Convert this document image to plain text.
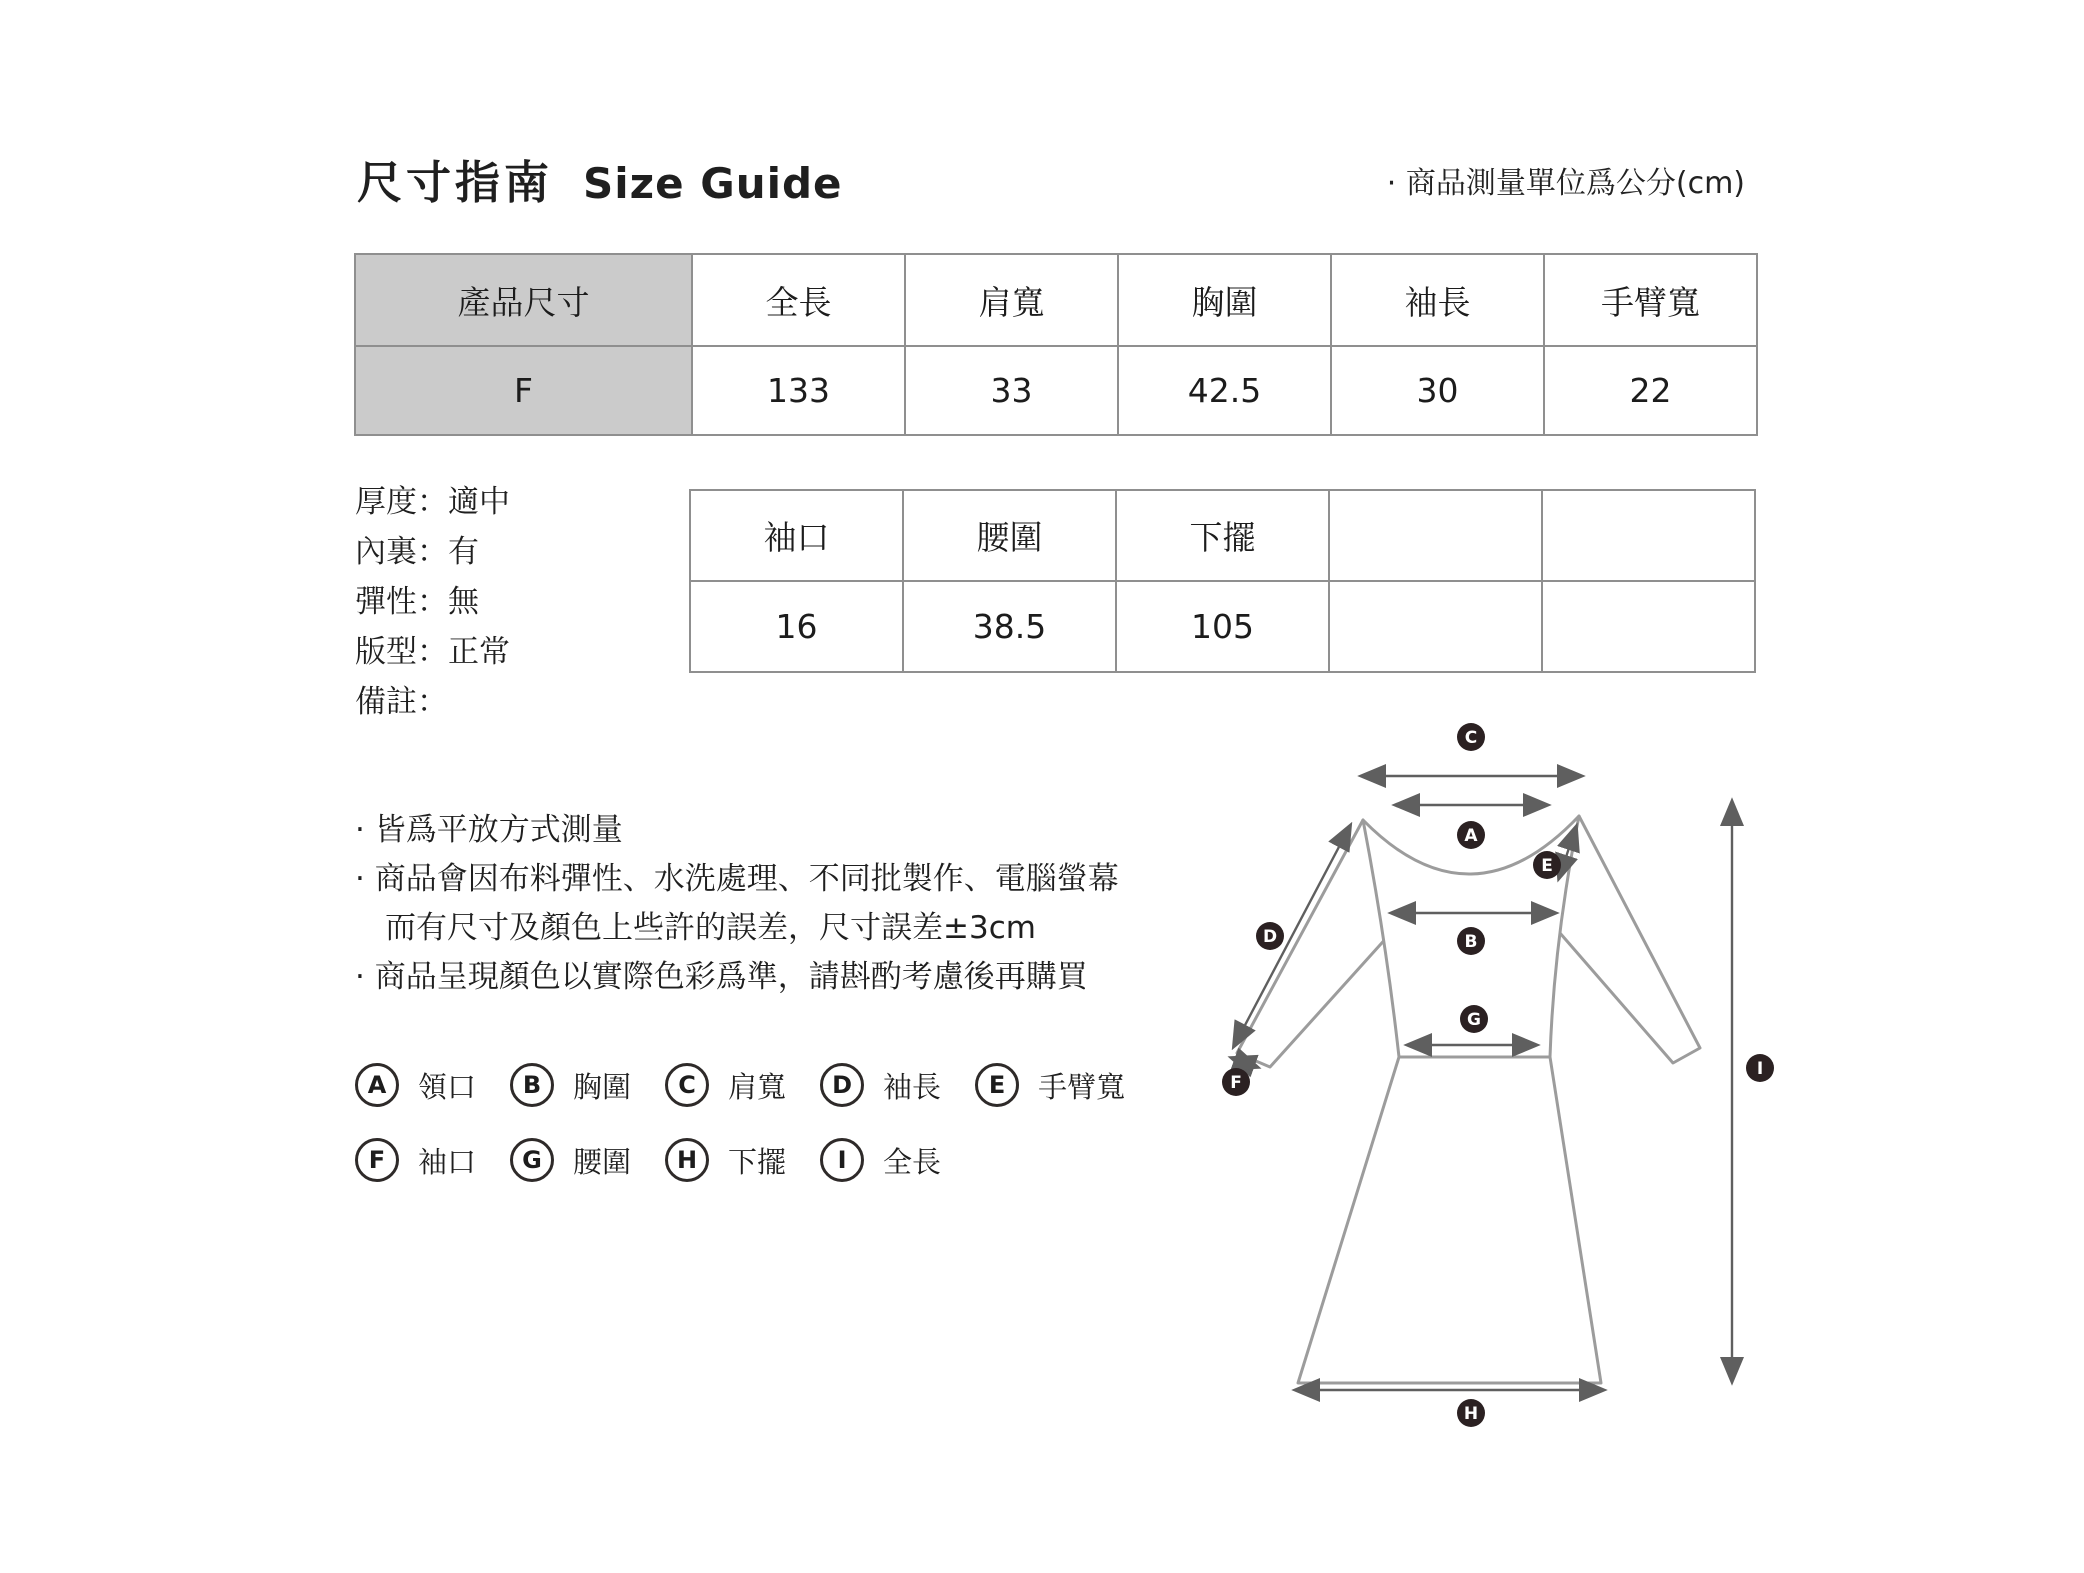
尺寸指南 Size Guide	· 商品測量單位爲公分(cm)
產品尺寸	全長	肩寬	胸圍	袖長	手臂寬
F	133	33	42.5	30	22
厚度：適中
內裏：有
彈性：無
版型：正常
備註：
袖口	腰圍	下擺		
16	38.5	105		
· 皆爲平放方式測量
· 商品會因布料彈性、水洗處理、不同批製作、電腦螢幕
而有尺寸及顏色上些許的誤差，尺寸誤差±3cm
· 商品呈現顏色以實際色彩爲準，請斟酌考慮後再購買
A	領口	B	胸圍	C	肩寬	D	袖長	E	手臂寬
F	袖口	G	腰圍	H	下擺	I	全長
C
A
E
B
D
G
F
I
H
